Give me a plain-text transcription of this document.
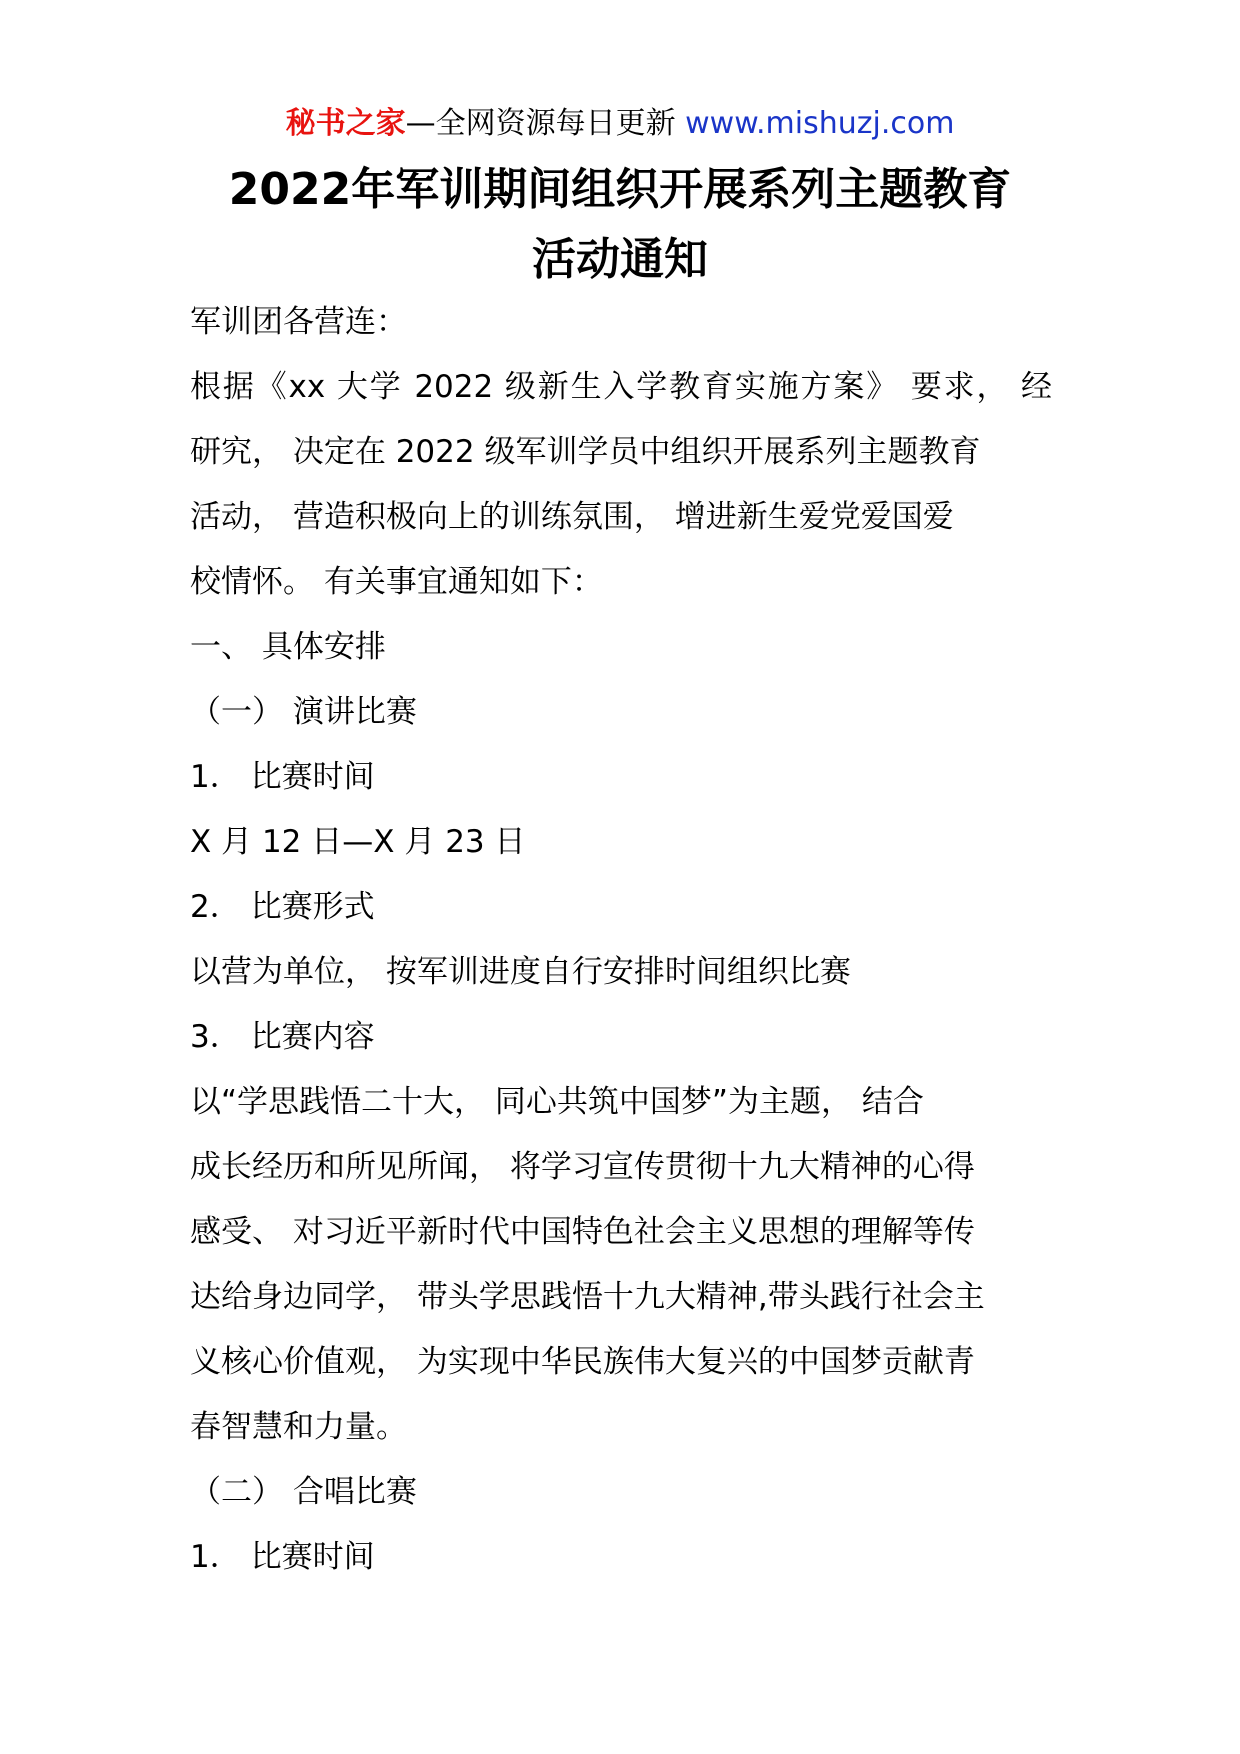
秘书之家—全网资源每日更新 www.mishuzj.com
2022年军训期间组织开展系列主题教育
活动通知
军训团各营连：
根据《xx 大学 2022 级新生入学教育实施方案》 要求， 经
研究， 决定在 2022 级军训学员中组织开展系列主题教育
活动， 营造积极向上的训练氛围， 增进新生爱党爱国爱
校情怀。 有关事宜通知如下：
一、 具体安排
（一） 演讲比赛
1． 比赛时间
X 月 12 日—X 月 23 日
2． 比赛形式
以营为单位， 按军训进度自行安排时间组织比赛
3． 比赛内容
以“学思践悟二十大， 同心共筑中国梦”为主题， 结合
成长经历和所见所闻， 将学习宣传贯彻十九大精神的心得
感受、 对习近平新时代中国特色社会主义思想的理解等传
达给身边同学， 带头学思践悟十九大精神,带头践行社会主
义核心价值观， 为实现中华民族伟大复兴的中国梦贡献青
春智慧和力量。
（二） 合唱比赛
1． 比赛时间
